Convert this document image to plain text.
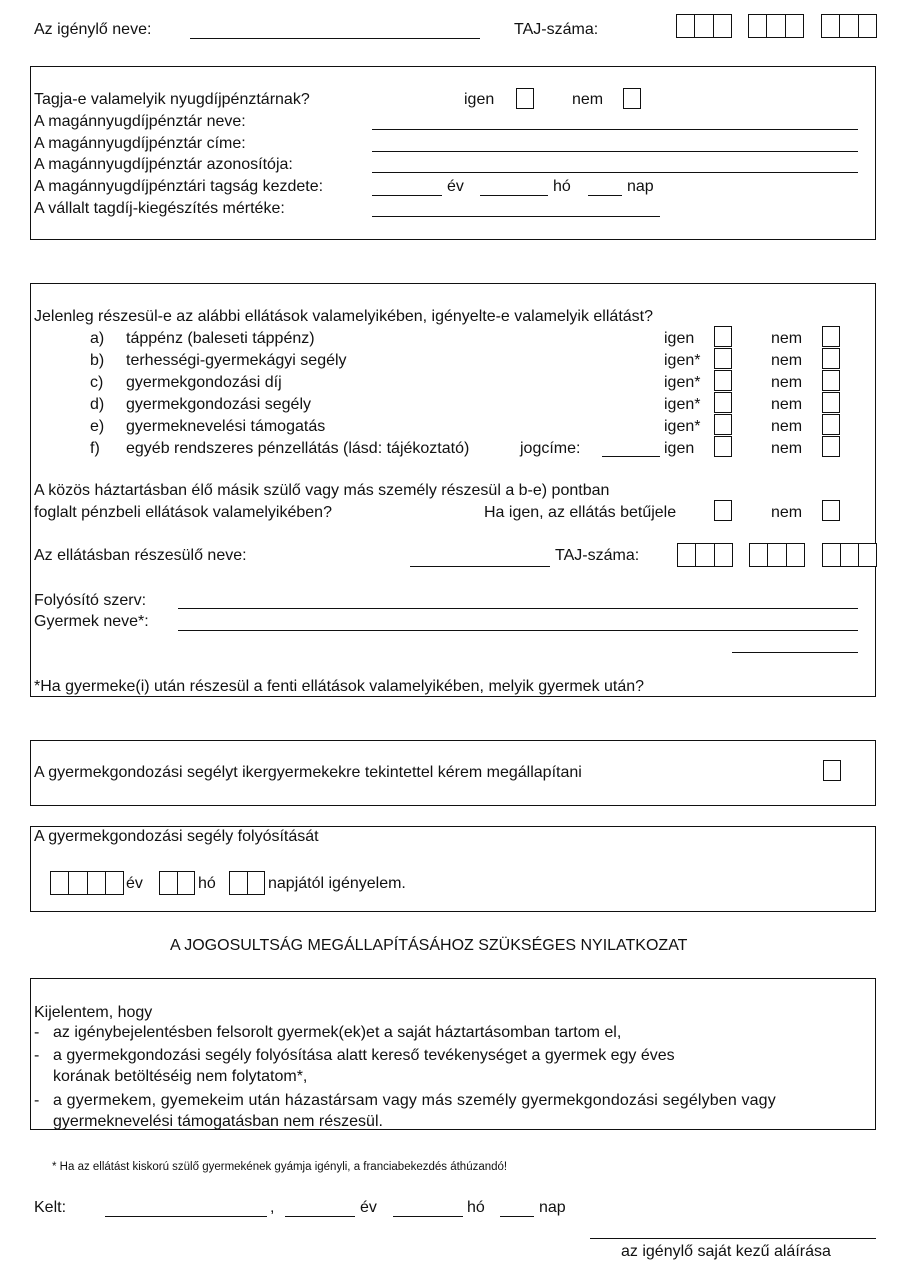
Az igénylő neve:	TAJ-száma:
Tagja-e valamelyik nyugdíjpénztárnak?	igen	nem
A magánnyugdíjpénztár neve:
A magánnyugdíjpénztár címe:
A magánnyugdíjpénztár azonosítója:
A magánnyugdíjpénztári tagság kezdete:	év	hó	nap
A vállalt tagdíj-kiegészítés mértéke:
Jelenleg részesül-e az alábbi ellátások valamelyikében, igényelte-e valamelyik ellátást?
a) táppénz (baleseti táppénz)	igen	nem
b) terhességi-gyermekágyi segély	igen*	nem
c) gyermekgondozási díj	igen*	nem
d) gyermekgondozási segély	igen*	nem
e) gyermeknevelési támogatás	igen*	nem
f) egyéb rendszeres pénzellátás (lásd: tájékoztató)	jogcíme:	igen	nem
A közös háztartásban élő másik szülő vagy más személy részesül a b-e) pontban
foglalt pénzbeli ellátások valamelyikében?	Ha igen, az ellátás betűjele	nem
Az ellátásban részesülő neve:	TAJ-száma:
Folyósító szerv:
Gyermek neve*:
*Ha gyermeke(i) után részesül a fenti ellátások valamelyikében, melyik gyermek után?
A gyermekgondozási segélyt ikergyermekekre tekintettel kérem megállapítani
A gyermekgondozási segély folyósítását
év	hó	napjától igényelem.
A JOGOSULTSÁG MEGÁLLAPÍTÁSÁHOZ SZÜKSÉGES NYILATKOZAT
Kijelentem, hogy
- az igénybejelentésben felsorolt gyermek(ek)et a saját háztartásomban tartom el,
- a gyermekgondozási segély folyósítása alatt kereső tevékenységet a gyermek egy éves
korának betöltéséig nem folytatom*,
- a gyermekem, gyemekeim után házastársam vagy más személy gyermekgondozási segélyben vagy
gyermeknevelési támogatásban nem részesül.
* Ha az ellátást kiskorú szülő gyermekének gyámja igényli, a franciabekezdés áthúzandó!
Kelt:	,	év	hó	nap
az igénylő saját kezű aláírása
